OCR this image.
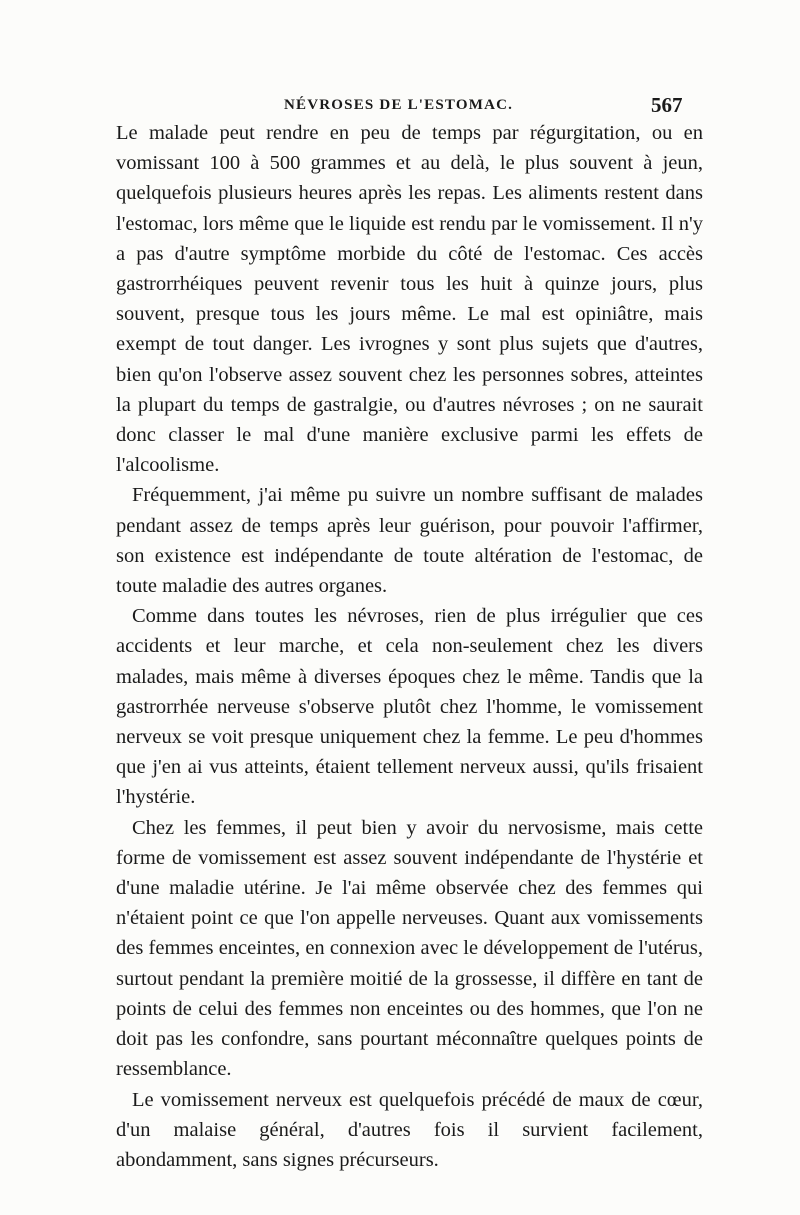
NÉVROSES DE L'ESTOMAC.	567

Le malade peut rendre en peu de temps par régurgitation, ou en vomissant 100 à 500 grammes et au delà, le plus souvent à jeun, quelquefois plusieurs heures après les repas. Les aliments restent dans l'estomac, lors même que le liquide est rendu par le vomissement. Il n'y a pas d'autre symptôme morbide du côté de l'estomac. Ces accès gastrorrhéiques peuvent revenir tous les huit à quinze jours, plus souvent, presque tous les jours même. Le mal est opiniâtre, mais exempt de tout danger. Les ivrognes y sont plus sujets que d'autres, bien qu'on l'observe assez souvent chez les personnes sobres, atteintes la plupart du temps de gastralgie, ou d'autres névroses ; on ne saurait donc classer le mal d'une manière exclusive parmi les effets de l'alcoolisme.

Fréquemment, j'ai même pu suivre un nombre suffisant de malades pendant assez de temps après leur guérison, pour pouvoir l'affirmer, son existence est indépendante de toute altération de l'estomac, de toute maladie des autres organes.

Comme dans toutes les névroses, rien de plus irrégulier que ces accidents et leur marche, et cela non-seulement chez les divers malades, mais même à diverses époques chez le même. Tandis que la gastrorrhée nerveuse s'observe plutôt chez l'homme, le vomissement nerveux se voit presque uniquement chez la femme. Le peu d'hommes que j'en ai vus atteints, étaient tellement nerveux aussi, qu'ils frisaient l'hystérie.

Chez les femmes, il peut bien y avoir du nervosisme, mais cette forme de vomissement est assez souvent indépendante de l'hystérie et d'une maladie utérine. Je l'ai même observée chez des femmes qui n'étaient point ce que l'on appelle nerveuses. Quant aux vomissements des femmes enceintes, en connexion avec le développement de l'utérus, surtout pendant la première moitié de la grossesse, il diffère en tant de points de celui des femmes non enceintes ou des hommes, que l'on ne doit pas les confondre, sans pourtant méconnaître quelques points de ressemblance.

Le vomissement nerveux est quelquefois précédé de maux de cœur, d'un malaise général, d'autres fois il survient facilement, abondamment, sans signes précurseurs.
